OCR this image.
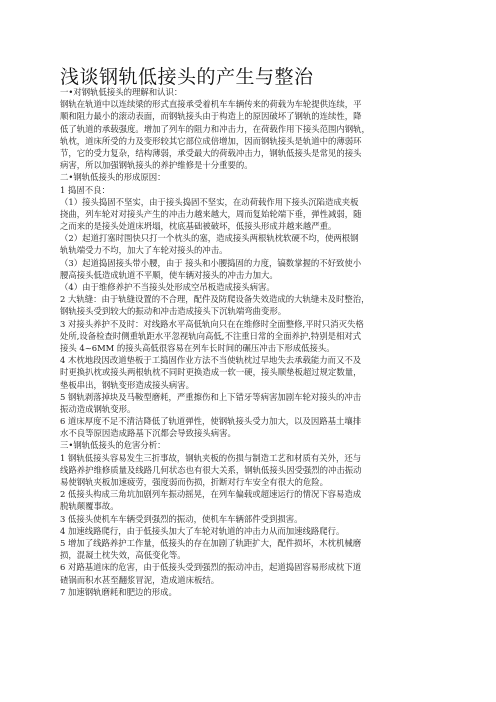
浅谈钢轨低接头的产生与整治
一•对钢轨低接头的理解和认识：
钢轨在轨道中以连续梁的形式直接承受着机车车辆传来的荷载为车轮提供连续，平
顺和阻力最小的滚动表面，而钢轨接头由于构造上的原因破坏了钢轨的连续性，降
低了轨道的承载强度。增加了列车的阻力和冲击力，在荷载作用下接头范围内钢轨，
轨枕，道床所受的力及变形较其它部位成倍增加，因而钢轨接头是轨道中的薄弱环
节，它的受力复杂，结构薄弱，承受最大的荷载冲击力，钢轨低接头是常见的接头
病害，所以加强钢轨接头的养护维修是十分重要的。
二•钢轨低接头的形成原因：
1 捣固不良：
（1）接头捣固不坚实，由于接头捣固不坚实，在动荷载作用下接头沉陷造成夹板
挠曲，列车轮对对接头产生的冲击力越来越大，周而复始轮端下垂，弹性减弱，随
之而来的是接头处道床坍塌，枕底基础被破坏，低接头形成并越来越严重。
（2）起道打塞时围快只打一个枕头的塞，造成接头两根轨枕软硬不均，使两根钢
轨轨端受力不均，加大了车轮对接头的冲击。
（3）起道捣固接头带小腰，由于 接头和小腰捣固的力度，镐数掌握的不好致使小
腰高接头低造成轨道不平顺，使车辆对接头的冲击力加大。
（4）由于维修养护不当接头处形成空吊板造成接头病害。
2 大轨缝：由于轨缝设置的不合理，配件及防爬设备失效造成的大轨缝未及时整治，
钢轨接头受到较大的振动和冲击造成接头下沉轨端弯曲变形。
3 对接头养护不及时：对线路水平高低轨向只在在维修时全面整修,平时只消灭失格
处所,设备检查时侧重轨距水平忽视轨向高低,不注重日常的全面养护,特别是相对式
接头 4~6MM 的接头高低很容易在列车长时间的碾压冲击下形成低接头。
4 木枕地段因改道垫板于工捣固作业方法不当使轨枕过早地失去承载能力而又不及
时更换扒枕或接头两根轨枕不同时更换造成一软一硬，接头顺垫板超过规定数量，
垫板串出，钢轨变形造成接头病害。
5 钢轨剥落掉块及马鞍型磨耗，严重擦伤和上下错牙等病害加剧车轮对接头的冲击
振动造成钢轨变形。
6 道床厚度不足不清洁降低了轨道弹性，使钢轨接头受力加大，以及因路基土壤排
水不良等原因造成路基下沉都会导致接头病害。
三•钢轨低接头的危害分析：
1 钢轨低接头容易发生三折事故，钢轨夹板的伤损与制造工艺和材质有关外，还与
线路养护维修质量及线路几何状态也有很大关系，钢轨低接头因受强烈的冲击振动
易使钢轨夹板加速疲劳，强度弱而伤损，折断对行车安全有很大的危险。
2 低接头构成三角坑加剧列车振动摇晃，在列车偏载或超速运行的情况下容易造成
脱轨颠覆事故。
3 低接头使机车车辆受到强烈的振动，使机车车辆部件受到损害。
4 加速线路爬行，由于低接头加大了车轮对轨道的冲击力从而加速线路爬行。
5 增加了线路养护工作量，低接头的存在加剧了轨距扩大，配件损坏，木枕机械磨
损，混凝土枕失效，高低变化等。
6 对路基道床的危害，由于低接头受到强烈的振动冲击，起道捣固容易形成枕下道
碴锅而积水甚至翻浆冒泥，造成道床板结。
7 加速钢轨磨耗和肥边的形成。
